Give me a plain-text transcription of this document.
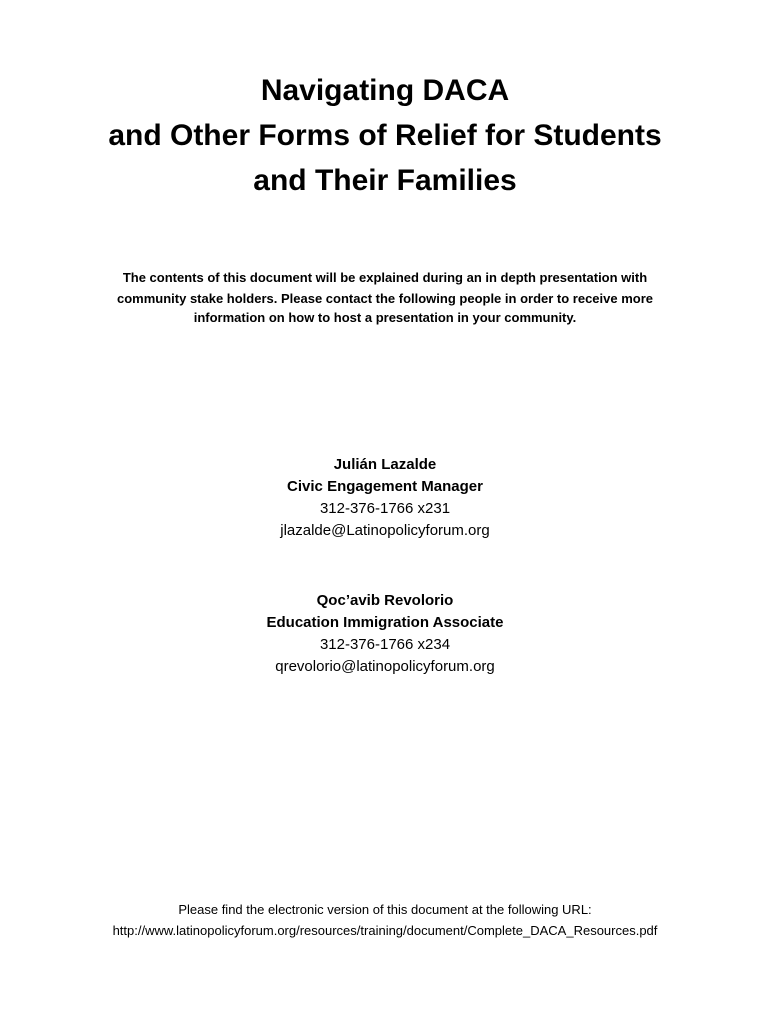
Navigating DACA
and Other Forms of Relief for Students
and Their Families
The contents of this document will be explained during an in depth presentation with
community stake holders. Please contact the following people in order to receive more
information on how to host a presentation in your community.
Julián Lazalde
Civic Engagement Manager
312-376-1766 x231
jlazalde@Latinopolicyforum.org
Qoc’avib Revolorio
Education Immigration Associate
312-376-1766 x234
qrevolorio@latinopolicyforum.org
Please find the electronic version of this document at the following URL:
http://www.latinopolicyforum.org/resources/training/document/Complete_DACA_Resources.pdf
